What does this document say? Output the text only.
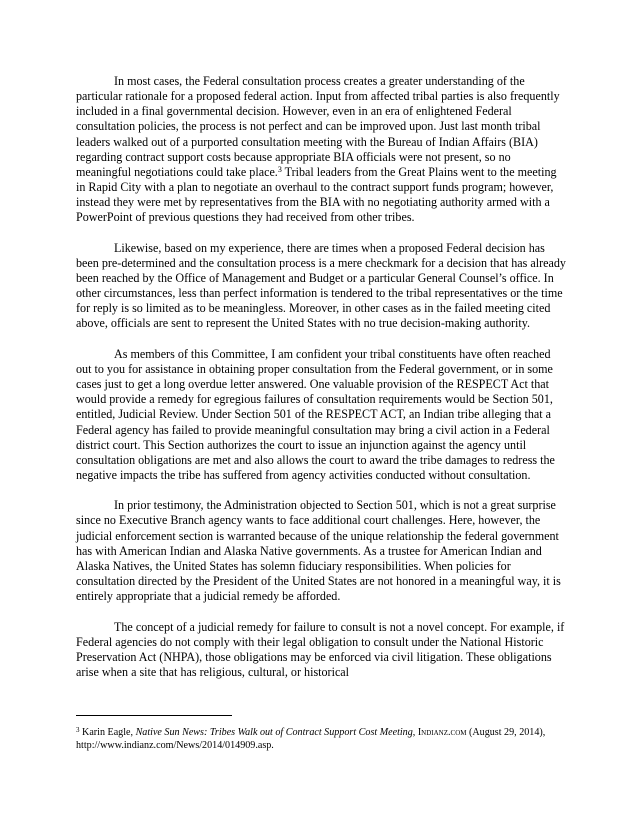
In most cases, the Federal consultation process creates a greater understanding of the particular rationale for a proposed federal action. Input from affected tribal parties is also frequently included in a final governmental decision. However, even in an era of enlightened Federal consultation policies, the process is not perfect and can be improved upon. Just last month tribal leaders walked out of a purported consultation meeting with the Bureau of Indian Affairs (BIA) regarding contract support costs because appropriate BIA officials were not present, so no meaningful negotiations could take place.$^3$ Tribal leaders from the Great Plains went to the meeting in Rapid City with a plan to negotiate an overhaul to the contract support funds program; however, instead they were met by representatives from the BIA with no negotiating authority armed with a PowerPoint of previous questions they had received from other tribes.

Likewise, based on my experience, there are times when a proposed Federal decision has been pre-determined and the consultation process is a mere checkmark for a decision that has already been reached by the Office of Management and Budget or a particular General Counsel’s office. In other circumstances, less than perfect information is tendered to the tribal representatives or the time for reply is so limited as to be meaningless. Moreover, in other cases as in the failed meeting cited above, officials are sent to represent the United States with no true decision-making authority.

As members of this Committee, I am confident your tribal constituents have often reached out to you for assistance in obtaining proper consultation from the Federal government, or in some cases just to get a long overdue letter answered. One valuable provision of the RESPECT Act that would provide a remedy for egregious failures of consultation requirements would be Section 501, entitled, Judicial Review. Under Section 501 of the RESPECT ACT, an Indian tribe alleging that a Federal agency has failed to provide meaningful consultation may bring a civil action in a Federal district court. This Section authorizes the court to issue an injunction against the agency until consultation obligations are met and also allows the court to award the tribe damages to redress the negative impacts the tribe has suffered from agency activities conducted without consultation.

In prior testimony, the Administration objected to Section 501, which is not a great surprise since no Executive Branch agency wants to face additional court challenges. Here, however, the judicial enforcement section is warranted because of the unique relationship the federal government has with American Indian and Alaska Native governments. As a trustee for American Indian and Alaska Natives, the United States has solemn fiduciary responsibilities. When policies for consultation directed by the President of the United States are not honored in a meaningful way, it is entirely appropriate that a judicial remedy be afforded.

The concept of a judicial remedy for failure to consult is not a novel concept. For example, if Federal agencies do not comply with their legal obligation to consult under the National Historic Preservation Act (NHPA), those obligations may be enforced via civil litigation. These obligations arise when a site that has religious, cultural, or historical

$^3$ Karin Eagle, Native Sun News: Tribes Walk out of Contract Support Cost Meeting, Indianz.com (August 29, 2014), http://www.indianz.com/News/2014/014909.asp.
